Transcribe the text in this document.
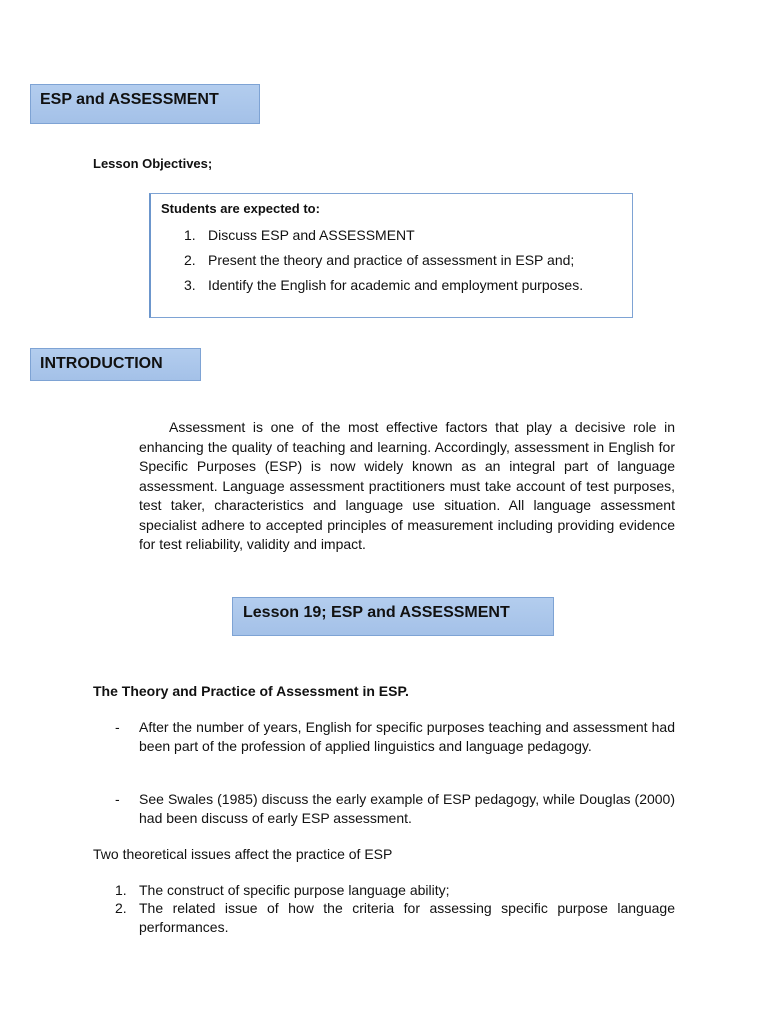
ESP and ASSESSMENT
Lesson Objectives;
Students are expected to:
1. Discuss ESP and ASSESSMENT
2. Present the theory and practice of assessment in ESP and;
3. Identify the English for academic and employment purposes.
INTRODUCTION

Assessment is one of the most effective factors that play a decisive role in enhancing the quality of teaching and learning. Accordingly, assessment in English for Specific Purposes (ESP) is now widely known as an integral part of language assessment. Language assessment practitioners must take account of test purposes, test taker, characteristics and language use situation. All language assessment specialist adhere to accepted principles of measurement including providing evidence for test reliability, validity and impact.

Lesson 19; ESP and ASSESSMENT
The Theory and Practice of Assessment in ESP.
- After the number of years, English for specific purposes teaching and assessment had been part of the profession of applied linguistics and language pedagogy.
- See Swales (1985) discuss the early example of ESP pedagogy, while Douglas (2000) had been discuss of early ESP assessment.
Two theoretical issues affect the practice of ESP
1. The construct of specific purpose language ability;
2. The related issue of how the criteria for assessing specific purpose language performances.
